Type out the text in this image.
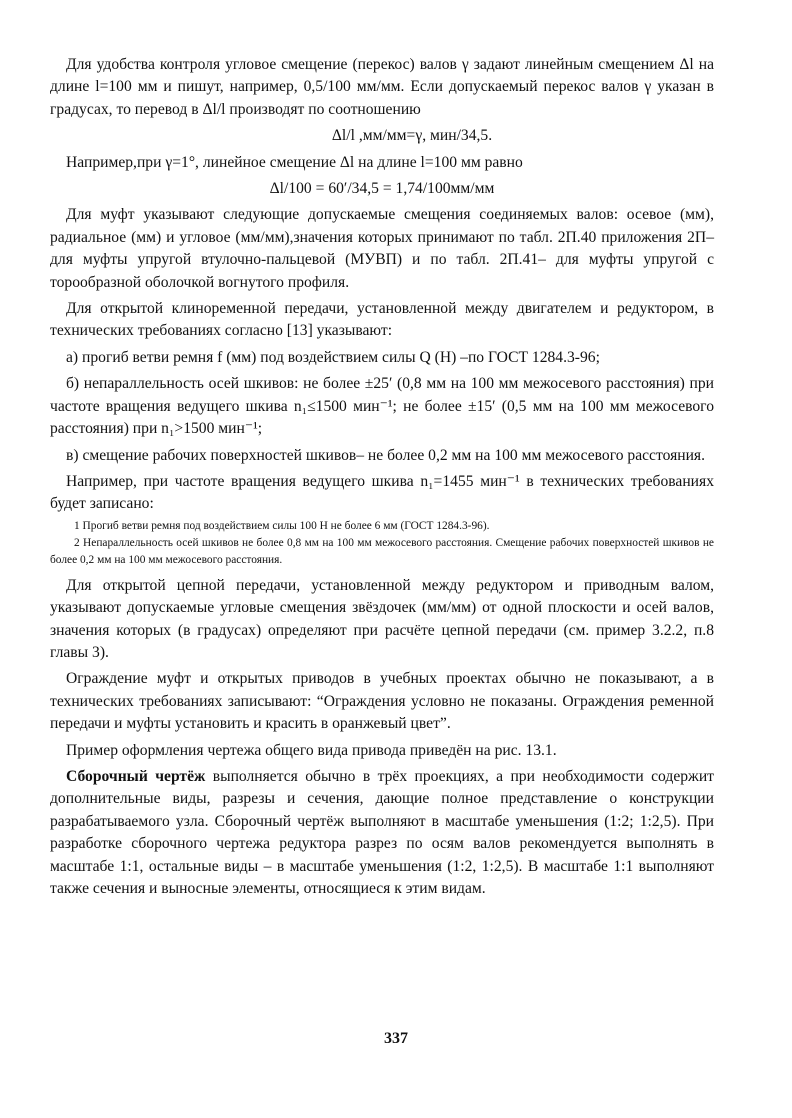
Для удобства контроля угловое смещение (перекос) валов γ задают линейным смещением Δl на длине l=100 мм и пишут, например, 0,5/100 мм/мм. Если допускаемый перекос валов γ указан в градусах, то перевод в Δl/l производят по соотношению

Δl/l ,мм/мм=γ, мин/34,5.

Например,при γ=1°, линейное смещение Δl на длине l=100 мм равно

Δl/100 = 60′/34,5 = 1,74/100мм/мм

Для муфт указывают следующие допускаемые смещения соединяемых валов: осевое (мм), радиальное (мм) и угловое (мм/мм),значения которых принимают по табл. 2П.40 приложения 2П– для муфты упругой втулочно-пальцевой (МУВП) и по табл. 2П.41– для муфты упругой с торообразной оболочкой вогнутого профиля.

Для открытой клиноременной передачи, установленной между двигателем и редуктором, в технических требованиях согласно [13] указывают:

а) прогиб ветви ремня f (мм) под воздействием силы Q (Н) –по ГОСТ 1284.3-96;

б) непараллельность осей шкивов: не более ±25′ (0,8 мм на 100 мм межосевого расстояния) при частоте вращения ведущего шкива n₁≤1500 мин⁻¹; не более ±15′ (0,5 мм на 100 мм межосевого расстояния) при n₁>1500 мин⁻¹;

в) смещение рабочих поверхностей шкивов– не более 0,2 мм на 100 мм межосевого расстояния.

Например, при частоте вращения ведущего шкива n₁=1455 мин⁻¹ в технических требованиях будет записано:

1 Прогиб ветви ремня под воздействием силы 100 Н не более 6 мм (ГОСТ 1284.3-96).

2 Непараллельность осей шкивов не более 0,8 мм на 100 мм межосевого расстояния. Смещение рабочих поверхностей шкивов не более 0,2 мм на 100 мм межосевого расстояния.

Для открытой цепной передачи, установленной между редуктором и приводным валом, указывают допускаемые угловые смещения звёздочек (мм/мм) от одной плоскости и осей валов, значения которых (в градусах) определяют при расчёте цепной передачи (см. пример 3.2.2, п.8 главы 3).

Ограждение муфт и открытых приводов в учебных проектах обычно не показывают, а в технических требованиях записывают: “Ограждения условно не показаны. Ограждения ременной передачи и муфты установить и красить в оранжевый цвет”.

Пример оформления чертежа общего вида привода приведён на рис. 13.1.

Сборочный чертёж выполняется обычно в трёх проекциях, а при необходимости содержит дополнительные виды, разрезы и сечения, дающие полное представление о конструкции разрабатываемого узла. Сборочный чертёж выполняют в масштабе уменьшения (1:2; 1:2,5). При разработке сборочного чертежа редуктора разрез по осям валов рекомендуется выполнять в масштабе 1:1, остальные виды – в масштабе уменьшения (1:2, 1:2,5). В масштабе 1:1 выполняют также сечения и выносные элементы, относящиеся к этим видам.

337
